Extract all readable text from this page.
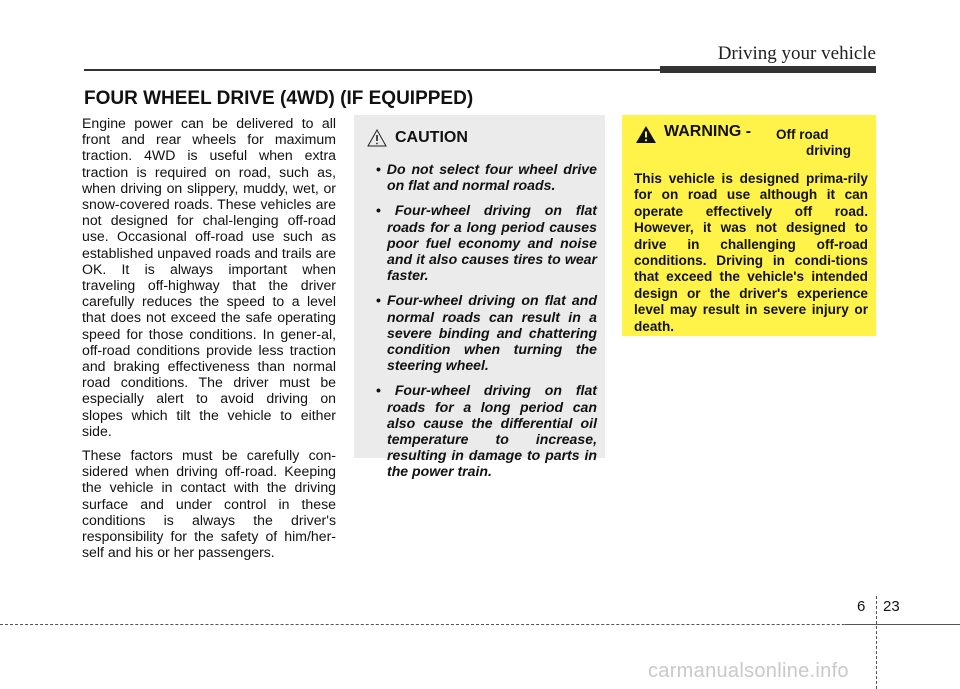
Driving your vehicle
FOUR WHEEL DRIVE (4WD) (IF EQUIPPED)

Engine power can be delivered to all front and rear wheels for maximum traction. 4WD is useful when extra traction is required on road, such as, when driving on slippery, muddy, wet, or snow-covered roads. These vehicles are not designed for chal-lenging off-road use. Occasional off-road use such as established unpaved roads and trails are OK. It is always important when traveling off-highway that the driver carefully reduces the speed to a level that does not exceed the safe operating speed for those conditions. In gener-al, off-road conditions provide less traction and braking effectiveness than normal road conditions. The driver must be especially alert to avoid driving on slopes which tilt the vehicle to either side.

These factors must be carefully con-sidered when driving off-road. Keeping the vehicle in contact with the driving surface and under control in these conditions is always the driver's responsibility for the safety of him/her-self and his or her passengers.

CAUTION
• Do not select four wheel drive on flat and normal roads.
• Four-wheel driving on flat roads for a long period causes poor fuel economy and noise and it also causes tires to wear faster.
• Four-wheel driving on flat and normal roads can result in a severe binding and chattering condition when turning the steering wheel.
• Four-wheel driving on flat roads for a long period can also cause the differential oil temperature to increase, resulting in damage to parts in the power train.
WARNING - Off road
driving
This vehicle is designed prima-rily for on road use although it can operate effectively off road. However, it was not designed to drive in challenging off-road conditions. Driving in condi-tions that exceed the vehicle's intended design or the driver's experience level may result in severe injury or death.
6 23
carmanualsonline.info
